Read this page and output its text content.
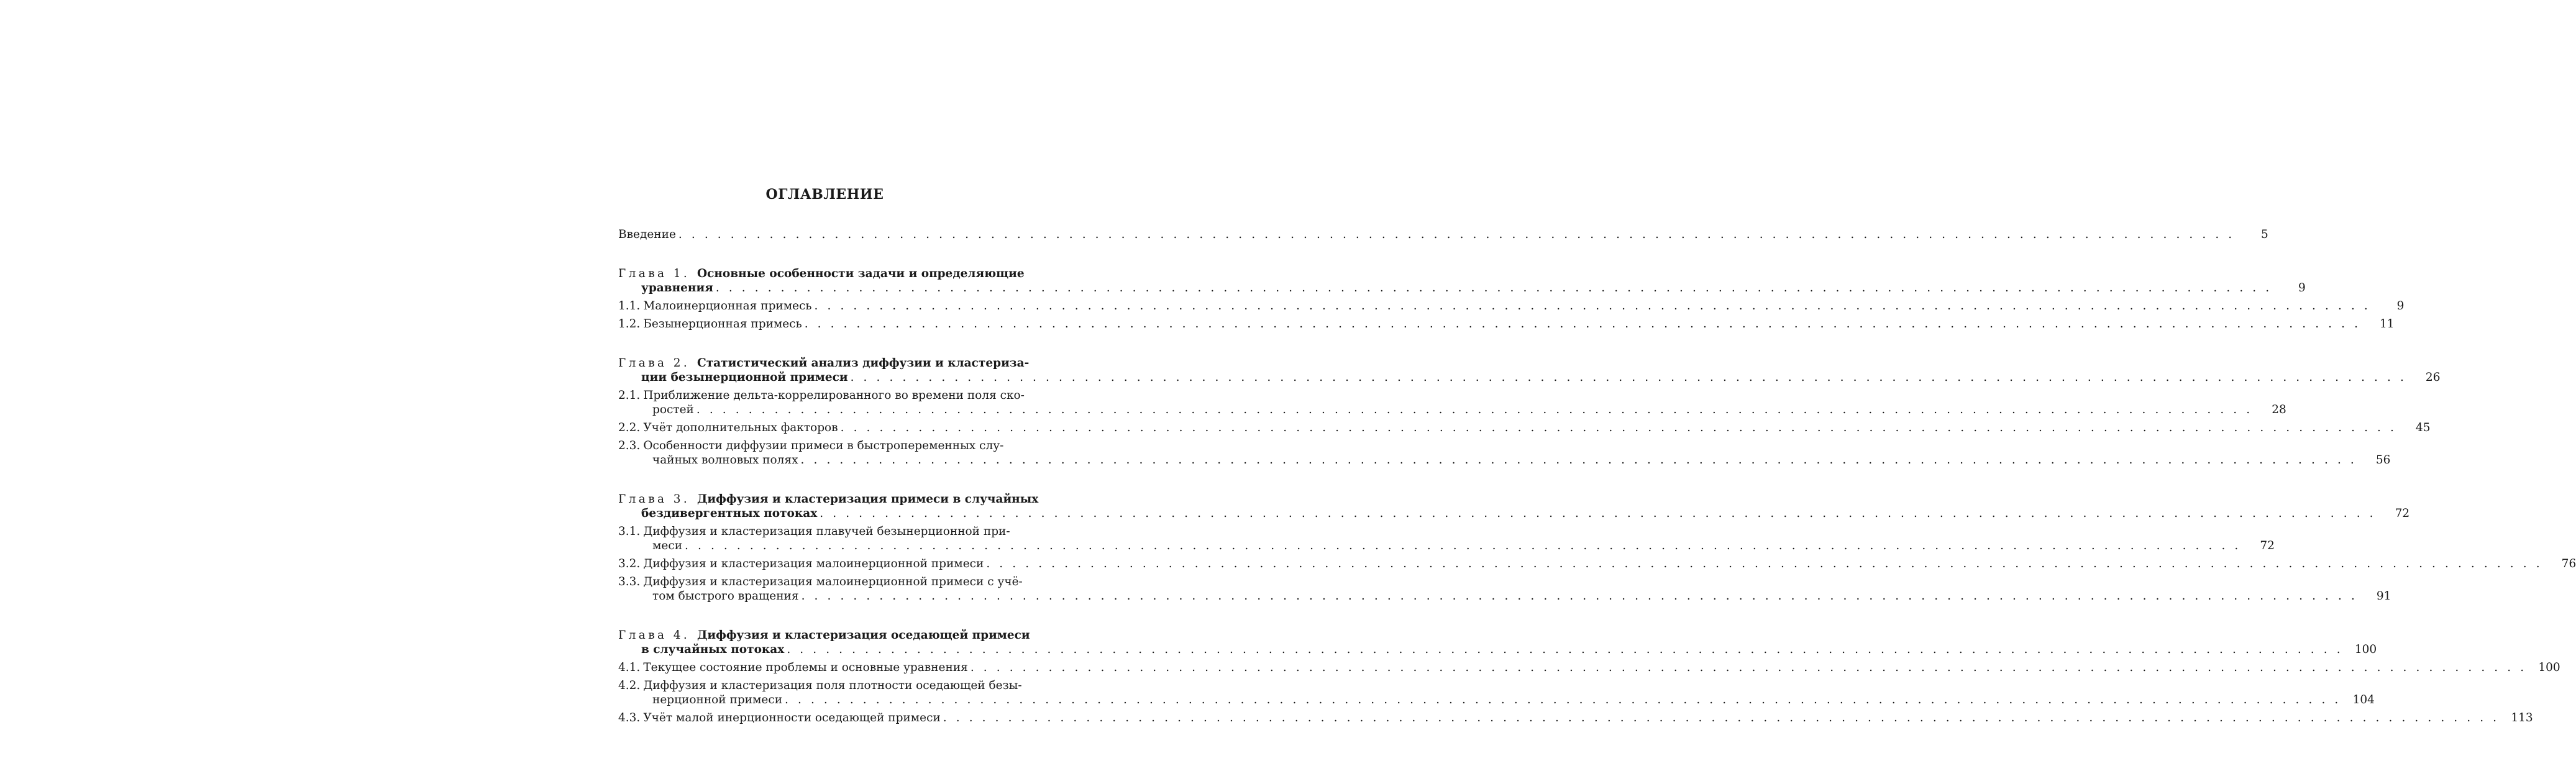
ОГЛАВЛЕНИЕ
Введение . . . . . . . . . . . . . . . . . . . . . . . . . . . . . . . . . . . . . . . . . . . . . . . . . . . . . . . . . . . . . . . . . . . . . . . . . . . . . . . . . . . . . . . . . . . . . . . . . . . . . . . . . . . . . . . . . . . . . . . .	5
Глава 1. Основные особенности задачи и определяющие
уравнения . . . . . . . . . . . . . . . . . . . . . . . . . . . . . . . . . . . . . . . . . . . . . . . . . . . . . . . . . . . . . . . . . . . . . . . . . . . . . . . . . . . . . . . . . . . . . . . . . . . . . . . . . . . . . . . . . . . . . . . .	9
1.1. Малоинерционная примесь . . . . . . . . . . . . . . . . . . . . . . . . . . . . . . . . . . . . . . . . . . . . . . . . . . . . . . . . . . . . . . . . . . . . . . . . . . . . . . . . . . . . . . . . . . . . . . . . . . . . . . . . . . . . . . . . . . . . . . . .	9
1.2. Безынерционная примесь . . . . . . . . . . . . . . . . . . . . . . . . . . . . . . . . . . . . . . . . . . . . . . . . . . . . . . . . . . . . . . . . . . . . . . . . . . . . . . . . . . . . . . . . . . . . . . . . . . . . . . . . . . . . . . . . . . . . . . . .	11
Глава 2. Статистический анализ диффузии и кластериза-
ции безынерционной примеси . . . . . . . . . . . . . . . . . . . . . . . . . . . . . . . . . . . . . . . . . . . . . . . . . . . . . . . . . . . . . . . . . . . . . . . . . . . . . . . . . . . . . . . . . . . . . . . . . . . . . . . . . . . . . . . . . . . . . . . .	26
2.1. Приближение дельта-коррелированного во времени поля ско-
ростей . . . . . . . . . . . . . . . . . . . . . . . . . . . . . . . . . . . . . . . . . . . . . . . . . . . . . . . . . . . . . . . . . . . . . . . . . . . . . . . . . . . . . . . . . . . . . . . . . . . . . . . . . . . . . . . . . . . . . . . .	28
2.2. Учёт дополнительных факторов . . . . . . . . . . . . . . . . . . . . . . . . . . . . . . . . . . . . . . . . . . . . . . . . . . . . . . . . . . . . . . . . . . . . . . . . . . . . . . . . . . . . . . . . . . . . . . . . . . . . . . . . . . . . . . . . . . . . . . . .	45
2.3. Особенности диффузии примеси в быстропеременных слу-
чайных волновых полях . . . . . . . . . . . . . . . . . . . . . . . . . . . . . . . . . . . . . . . . . . . . . . . . . . . . . . . . . . . . . . . . . . . . . . . . . . . . . . . . . . . . . . . . . . . . . . . . . . . . . . . . . . . . . . . . . . . . . . . .	56
Глава 3. Диффузия и кластеризация примеси в случайных
бездивергентных потоках . . . . . . . . . . . . . . . . . . . . . . . . . . . . . . . . . . . . . . . . . . . . . . . . . . . . . . . . . . . . . . . . . . . . . . . . . . . . . . . . . . . . . . . . . . . . . . . . . . . . . . . . . . . . . . . . . . . . . . . .	72
3.1. Диффузия и кластеризация плавучей безынерционной при-
меси . . . . . . . . . . . . . . . . . . . . . . . . . . . . . . . . . . . . . . . . . . . . . . . . . . . . . . . . . . . . . . . . . . . . . . . . . . . . . . . . . . . . . . . . . . . . . . . . . . . . . . . . . . . . . . . . . . . . . . . .	72
3.2. Диффузия и кластеризация малоинерционной примеси . . . . . . . . . . . . . . . . . . . . . . . . . . . . . . . . . . . . . . . . . . . . . . . . . . . . . . . . . . . . . . . . . . . . . . . . . . . . . . . . . . . . . . . . . . . . . . . . . . . . . . . . . . . . . . . . . . . . . . . .	76
3.3. Диффузия и кластеризация малоинерционной примеси с учё-
том быстрого вращения . . . . . . . . . . . . . . . . . . . . . . . . . . . . . . . . . . . . . . . . . . . . . . . . . . . . . . . . . . . . . . . . . . . . . . . . . . . . . . . . . . . . . . . . . . . . . . . . . . . . . . . . . . . . . . . . . . . . . . . .	91
Глава 4. Диффузия и кластеризация оседающей примеси
в случайных потоках . . . . . . . . . . . . . . . . . . . . . . . . . . . . . . . . . . . . . . . . . . . . . . . . . . . . . . . . . . . . . . . . . . . . . . . . . . . . . . . . . . . . . . . . . . . . . . . . . . . . . . . . . . . . . . . . . . . . . . . .	100
4.1. Текущее состояние проблемы и основные уравнения . . . . . . . . . . . . . . . . . . . . . . . . . . . . . . . . . . . . . . . . . . . . . . . . . . . . . . . . . . . . . . . . . . . . . . . . . . . . . . . . . . . . . . . . . . . . . . . . . . . . . . . . . . . . . . . . . . . . . . . .	100
4.2. Диффузия и кластеризация поля плотности оседающей безы-
нерционной примеси . . . . . . . . . . . . . . . . . . . . . . . . . . . . . . . . . . . . . . . . . . . . . . . . . . . . . . . . . . . . . . . . . . . . . . . . . . . . . . . . . . . . . . . . . . . . . . . . . . . . . . . . . . . . . . . . . . . . . . . .	104
4.3. Учёт малой инерционности оседающей примеси . . . . . . . . . . . . . . . . . . . . . . . . . . . . . . . . . . . . . . . . . . . . . . . . . . . . . . . . . . . . . . . . . . . . . . . . . . . . . . . . . . . . . . . . . . . . . . . . . . . . . . . . . . . . . . . . . . . . . . . .	113
